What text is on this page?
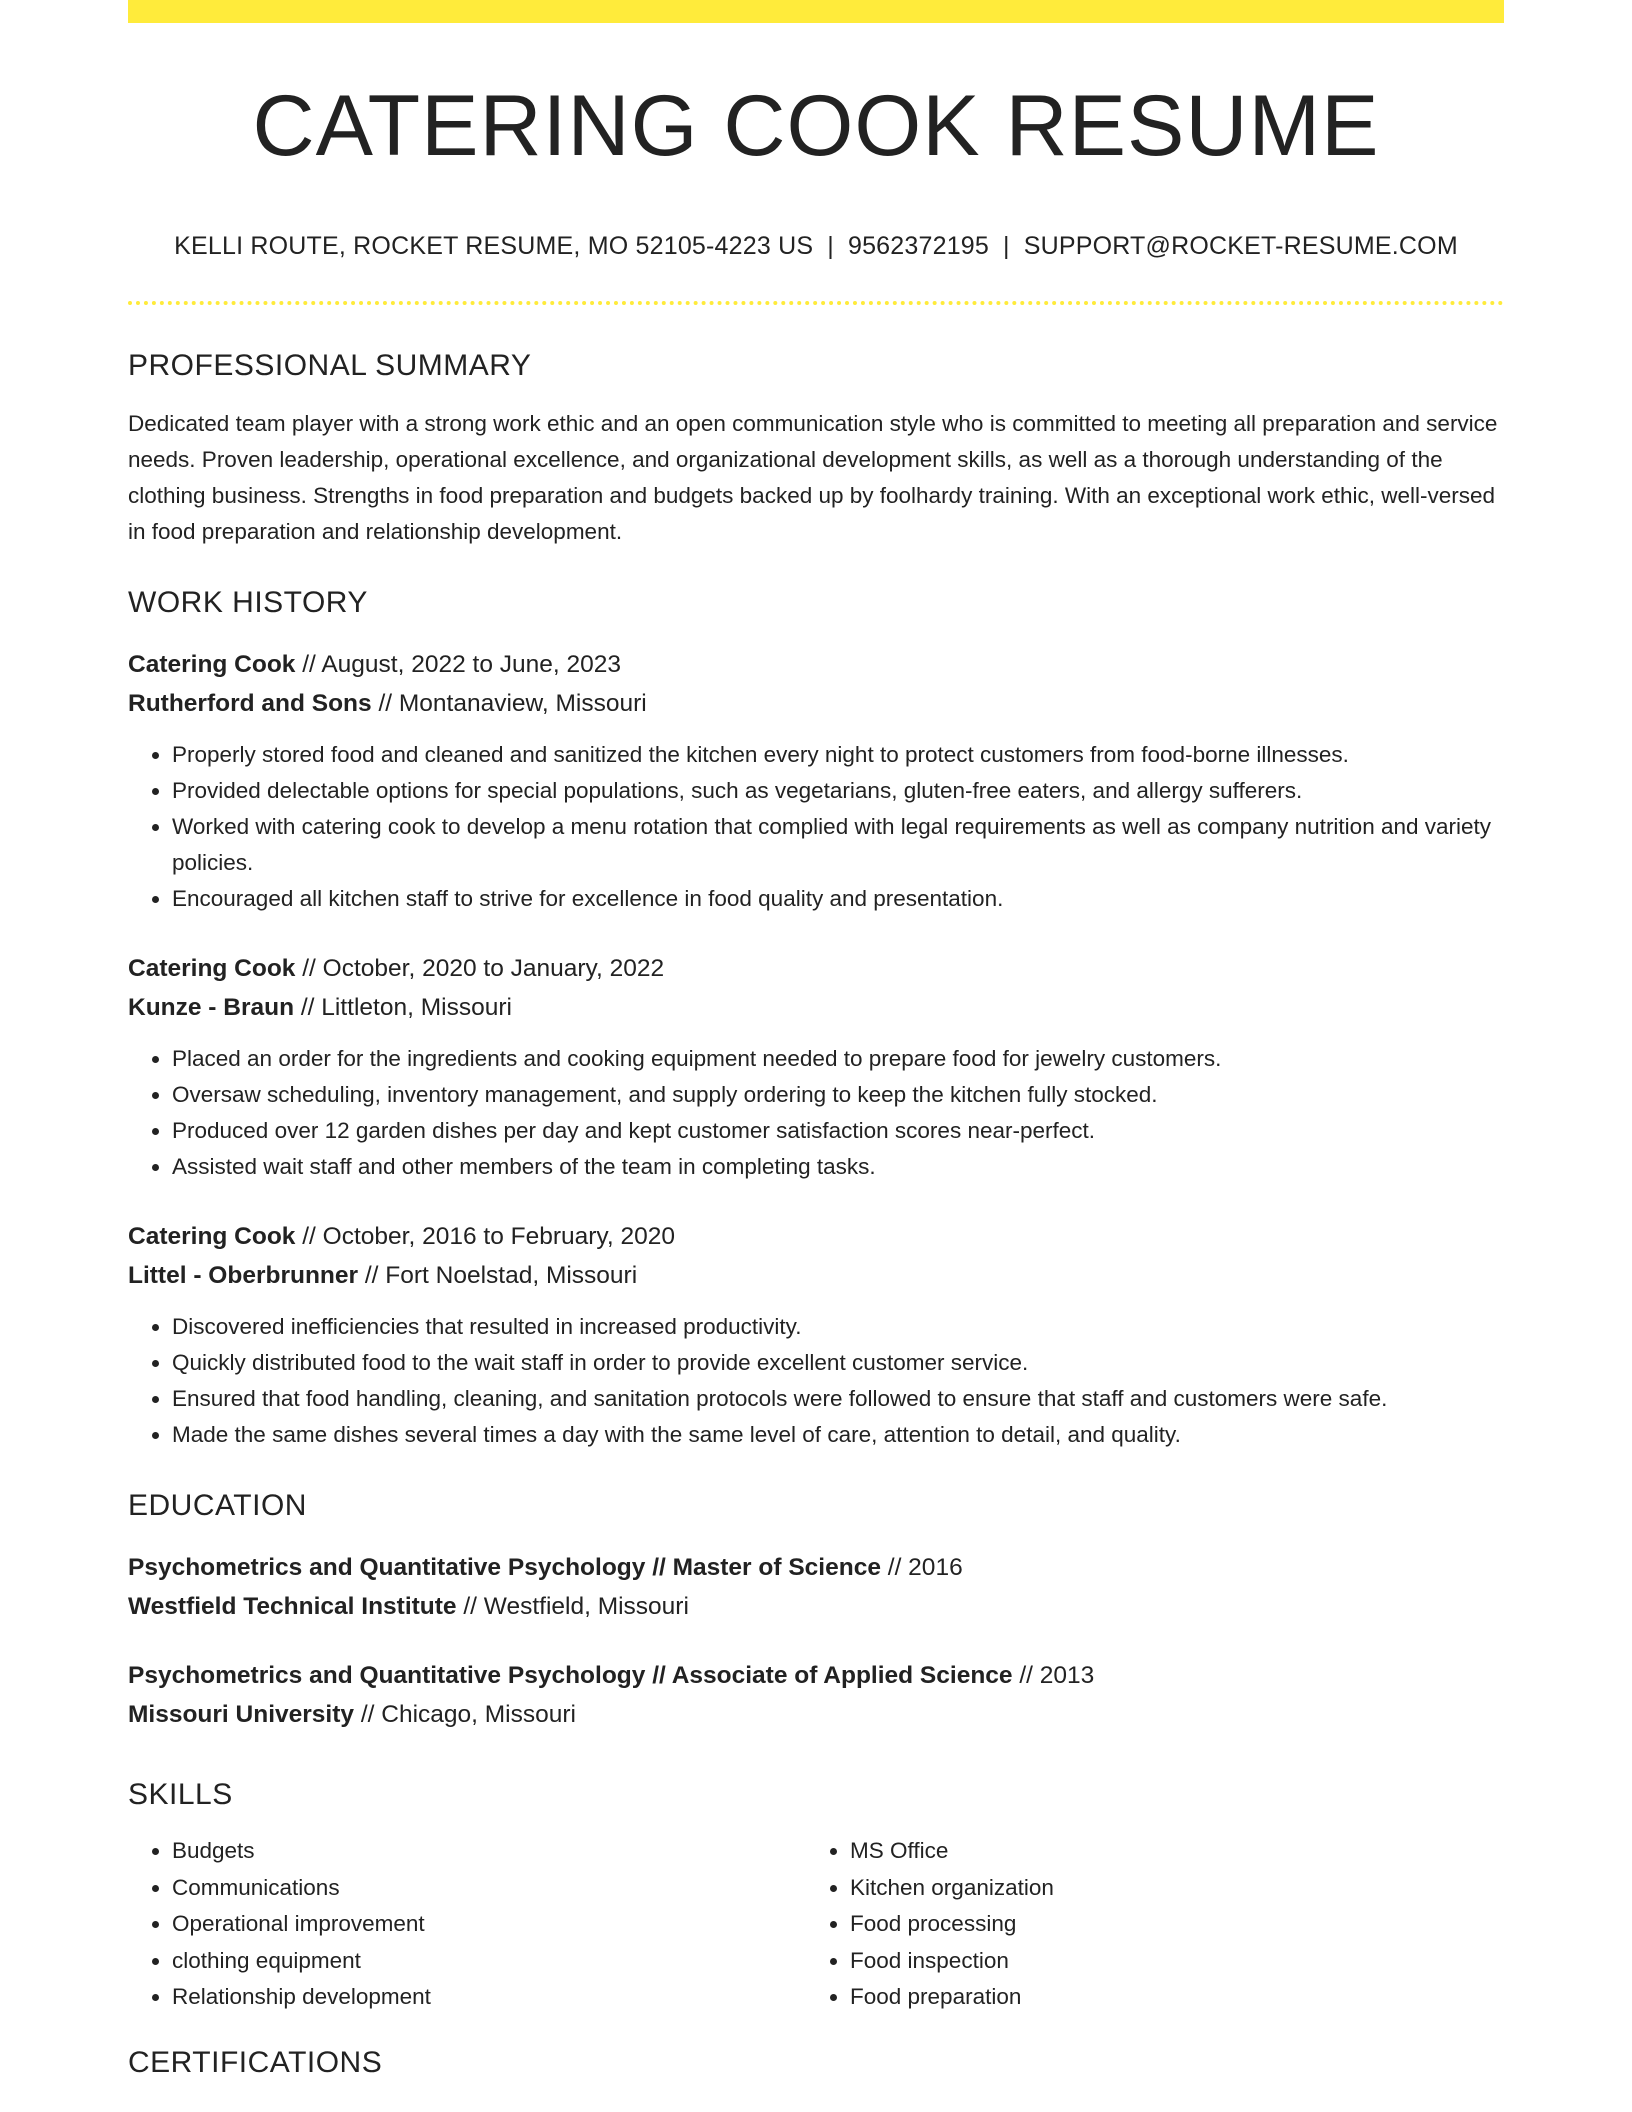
CATERING COOK RESUME
KELLI ROUTE, ROCKET RESUME, MO 52105-4223 US | 9562372195 | SUPPORT@ROCKET-RESUME.COM
PROFESSIONAL SUMMARY

Dedicated team player with a strong work ethic and an open communication style who is committed to meeting all preparation and service needs. Proven leadership, operational excellence, and organizational development skills, as well as a thorough understanding of the clothing business. Strengths in food preparation and budgets backed up by foolhardy training. With an exceptional work ethic, well-versed in food preparation and relationship development.

WORK HISTORY
Catering Cook // August, 2022 to June, 2023
Rutherford and Sons // Montanaview, Missouri
• Properly stored food and cleaned and sanitized the kitchen every night to protect customers from food-borne illnesses.
• Provided delectable options for special populations, such as vegetarians, gluten-free eaters, and allergy sufferers.
• Worked with catering cook to develop a menu rotation that complied with legal requirements as well as company nutrition and variety policies.
• Encouraged all kitchen staff to strive for excellence in food quality and presentation.
Catering Cook // October, 2020 to January, 2022
Kunze - Braun // Littleton, Missouri
• Placed an order for the ingredients and cooking equipment needed to prepare food for jewelry customers.
• Oversaw scheduling, inventory management, and supply ordering to keep the kitchen fully stocked.
• Produced over 12 garden dishes per day and kept customer satisfaction scores near-perfect.
• Assisted wait staff and other members of the team in completing tasks.
Catering Cook // October, 2016 to February, 2020
Littel - Oberbrunner // Fort Noelstad, Missouri
• Discovered inefficiencies that resulted in increased productivity.
• Quickly distributed food to the wait staff in order to provide excellent customer service.
• Ensured that food handling, cleaning, and sanitation protocols were followed to ensure that staff and customers were safe.
• Made the same dishes several times a day with the same level of care, attention to detail, and quality.
EDUCATION
Psychometrics and Quantitative Psychology // Master of Science // 2016
Westfield Technical Institute // Westfield, Missouri
Psychometrics and Quantitative Psychology // Associate of Applied Science // 2013
Missouri University // Chicago, Missouri
SKILLS
• Budgets
• Communications
• Operational improvement
• clothing equipment
• Relationship development
• MS Office
• Kitchen organization
• Food processing
• Food inspection
• Food preparation
CERTIFICATIONS
